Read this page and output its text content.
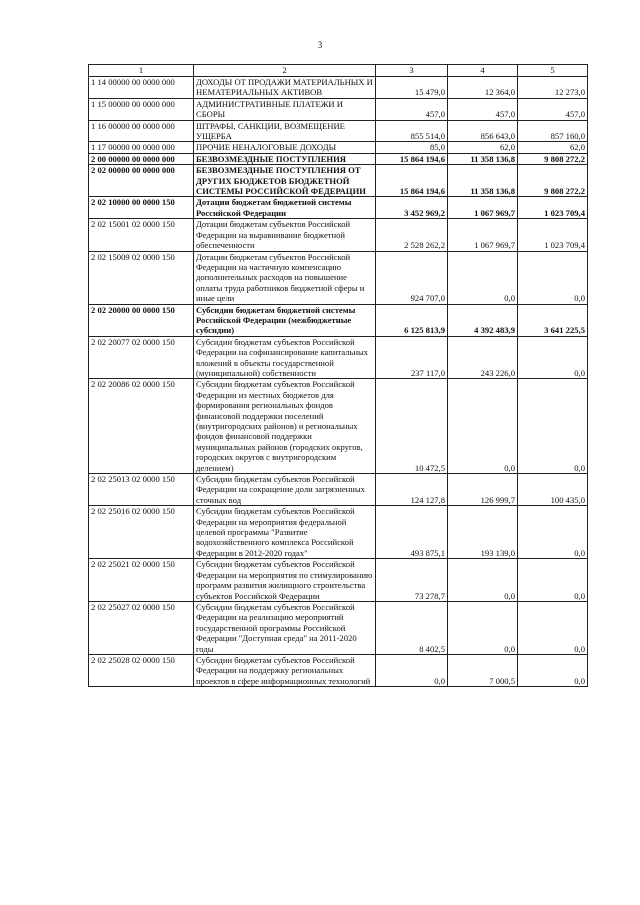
3
1	2	3	4	5
1 14 00000 00 0000 000	ДОХОДЫ ОТ ПРОДАЖИ МАТЕРИАЛЬНЫХ И НЕМАТЕРИАЛЬНЫХ АКТИВОВ	15 479,0	12 364,0	12 273,0
1 15 00000 00 0000 000	АДМИНИСТРАТИВНЫЕ ПЛАТЕЖИ И СБОРЫ	457,0	457,0	457,0
1 16 00000 00 0000 000	ШТРАФЫ, САНКЦИИ, ВОЗМЕЩЕНИЕ УЩЕРБА	855 514,0	856 643,0	857 160,0
1 17 00000 00 0000 000	ПРОЧИЕ НЕНАЛОГОВЫЕ ДОХОДЫ	85,0	62,0	62,0
2 00 00000 00 0000 000	БЕЗВОЗМЕЗДНЫЕ ПОСТУПЛЕНИЯ	15 864 194,6	11 358 136,8	9 808 272,2
2 02 00000 00 0000 000	БЕЗВОЗМЕЗДНЫЕ ПОСТУПЛЕНИЯ ОТ ДРУГИХ БЮДЖЕТОВ БЮДЖЕТНОЙ СИСТЕМЫ РОССИЙСКОЙ ФЕДЕРАЦИИ	15 864 194,6	11 358 136,8	9 808 272,2
2 02 10000 00 0000 150	Дотации бюджетам бюджетной системы Российской Федерации	3 452 969,2	1 067 969,7	1 023 709,4
2 02 15001 02 0000 150	Дотации бюджетам субъектов Российской Федерации на выравнивание бюджетной обеспеченности	2 528 262,2	1 067 969,7	1 023 709,4
2 02 15009 02 0000 150	Дотации бюджетам субъектов Российской Федерации на частичную компенсацию дополнительных расходов на повышение оплаты труда работников бюджетной сферы и иные цели	924 707,0	0,0	0,0
2 02 20000 00 0000 150	Субсидии бюджетам бюджетной системы Российской Федерации (межбюджетные субсидии)	6 125 813,9	4 392 483,9	3 641 225,5
2 02 20077 02 0000 150	Субсидии бюджетам субъектов Российской Федерации на софинансирование капитальных вложений в объекты государственной (муниципальной) собственности	237 117,0	243 226,0	0,0
2 02 20086 02 0000 150	Субсидии бюджетам субъектов Российской Федерации из местных бюджетов для формирования региональных фондов финансовой поддержки поселений (внутригородских районов) и региональных фондов финансовой поддержки муниципальных районов (городских округов, городских округов с внутригородским делением)	10 472,5	0,0	0,0
2 02 25013 02 0000 150	Субсидии бюджетам субъектов Российской Федерации на сокращение доли загрязненных сточных вод	124 127,8	126 999,7	100 435,0
2 02 25016 02 0000 150	Субсидии бюджетам субъектов Российской Федерации на мероприятия федеральной целевой программы "Развитие водохозяйственного комплекса Российской Федерации в 2012-2020 годах"	493 875,1	193 139,0	0,0
2 02 25021 02 0000 150	Субсидии бюджетам субъектов Российской Федерации на мероприятия по стимулированию программ развития жилищного строительства субъектов Российской Федерации	73 278,7	0,0	0,0
2 02 25027 02 0000 150	Субсидии бюджетам субъектов Российской Федерации на реализацию мероприятий государственной программы Российской Федерации "Доступная среда" на 2011-2020 годы	8 402,5	0,0	0,0
2 02 25028 02 0000 150	Субсидии бюджетам субъектов Российской Федерации на поддержку региональных проектов в сфере информационных технологий	0,0	7 000,5	0,0
